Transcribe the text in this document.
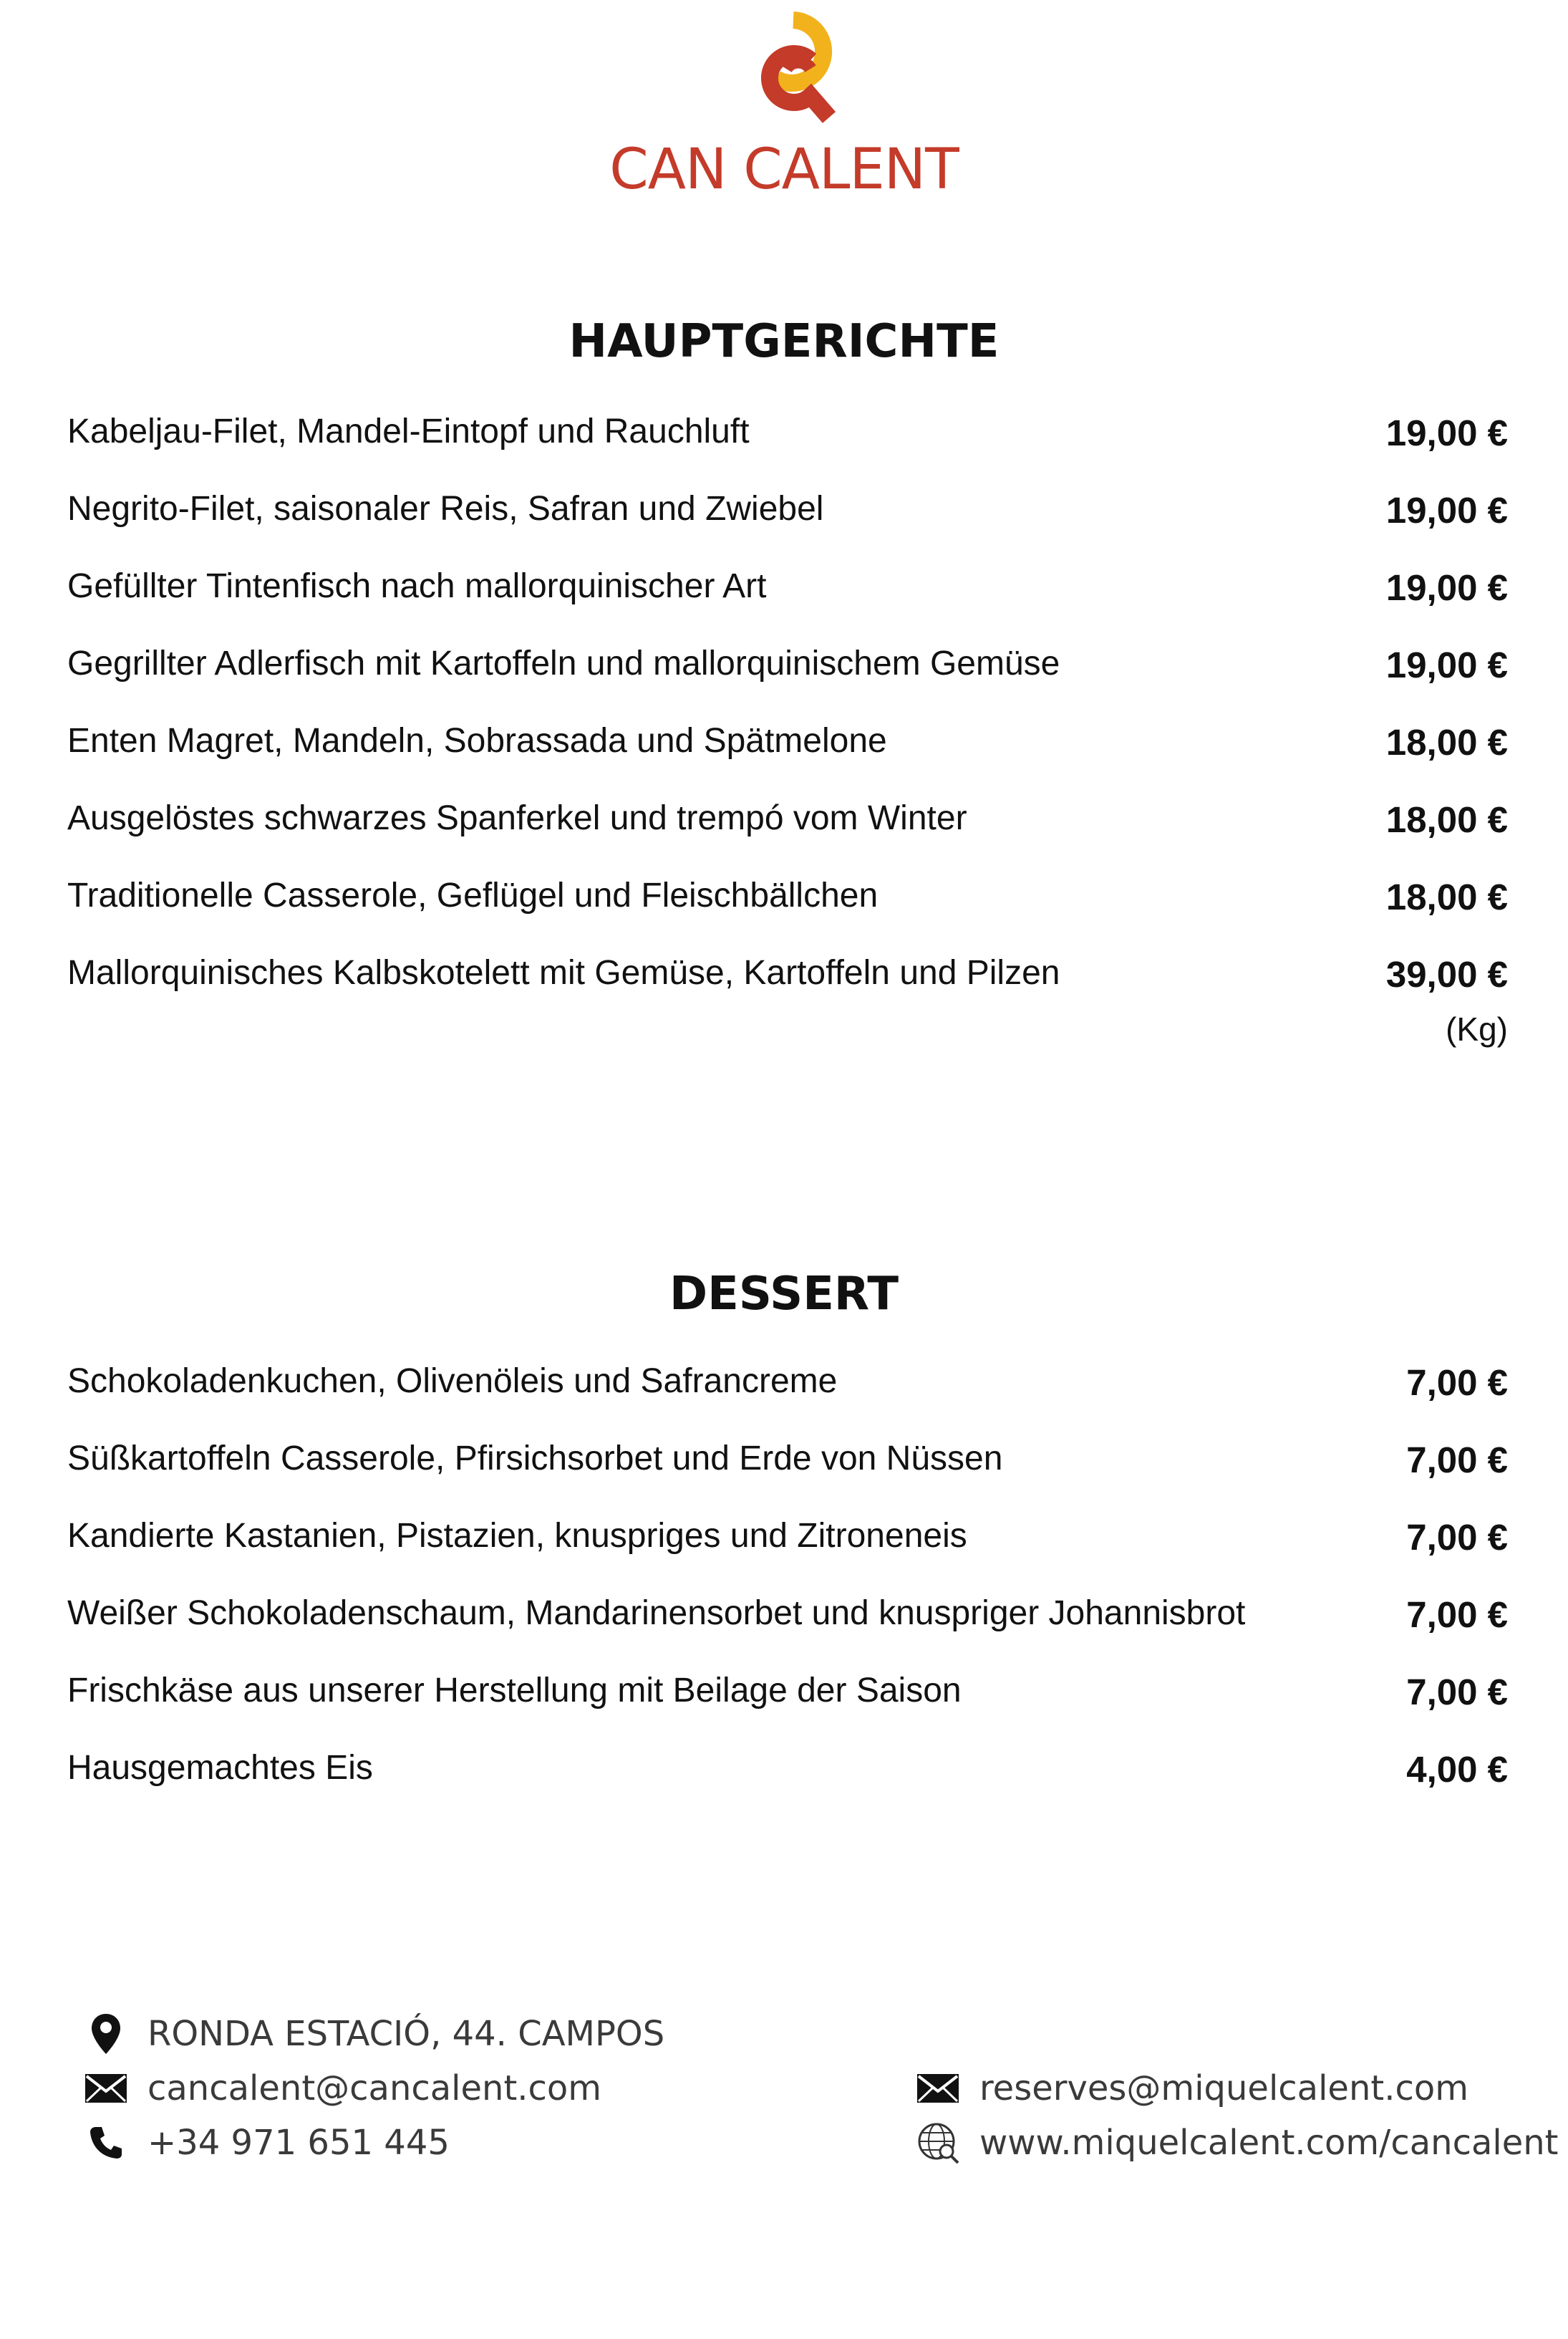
CAN CALENT
HAUPTGERICHTE
Kabeljau-Filet, Mandel-Eintopf und Rauchluft	19,00 €
Negrito-Filet, saisonaler Reis, Safran und Zwiebel	19,00 €
Gefüllter Tintenfisch nach mallorquinischer Art	19,00 €
Gegrillter Adlerfisch mit Kartoffeln und mallorquinischem Gemüse	19,00 €
Enten Magret, Mandeln, Sobrassada und Spätmelone	18,00 €
Ausgelöstes schwarzes Spanferkel und trempó vom Winter	18,00 €
Traditionelle Casserole, Geflügel und Fleischbällchen	18,00 €
Mallorquinisches Kalbskotelett mit Gemüse, Kartoffeln und Pilzen	39,00 €
(Kg)
DESSERT
Schokoladenkuchen, Olivenöleis und Safrancreme	7,00 €
Süßkartoffeln Casserole, Pfirsichsorbet und Erde von Nüssen	7,00 €
Kandierte Kastanien, Pistazien, knuspriges und Zitroneneis	7,00 €
Weißer Schokoladenschaum, Mandarinensorbet und knuspriger Johannisbrot	7,00 €
Frischkäse aus unserer Herstellung mit Beilage der Saison	7,00 €
Hausgemachtes Eis	4,00 €
RONDA ESTACIÓ, 44. CAMPOS
cancalent@cancalent.com
+34 971 651 445
reserves@miquelcalent.com
www.miquelcalent.com/cancalent
